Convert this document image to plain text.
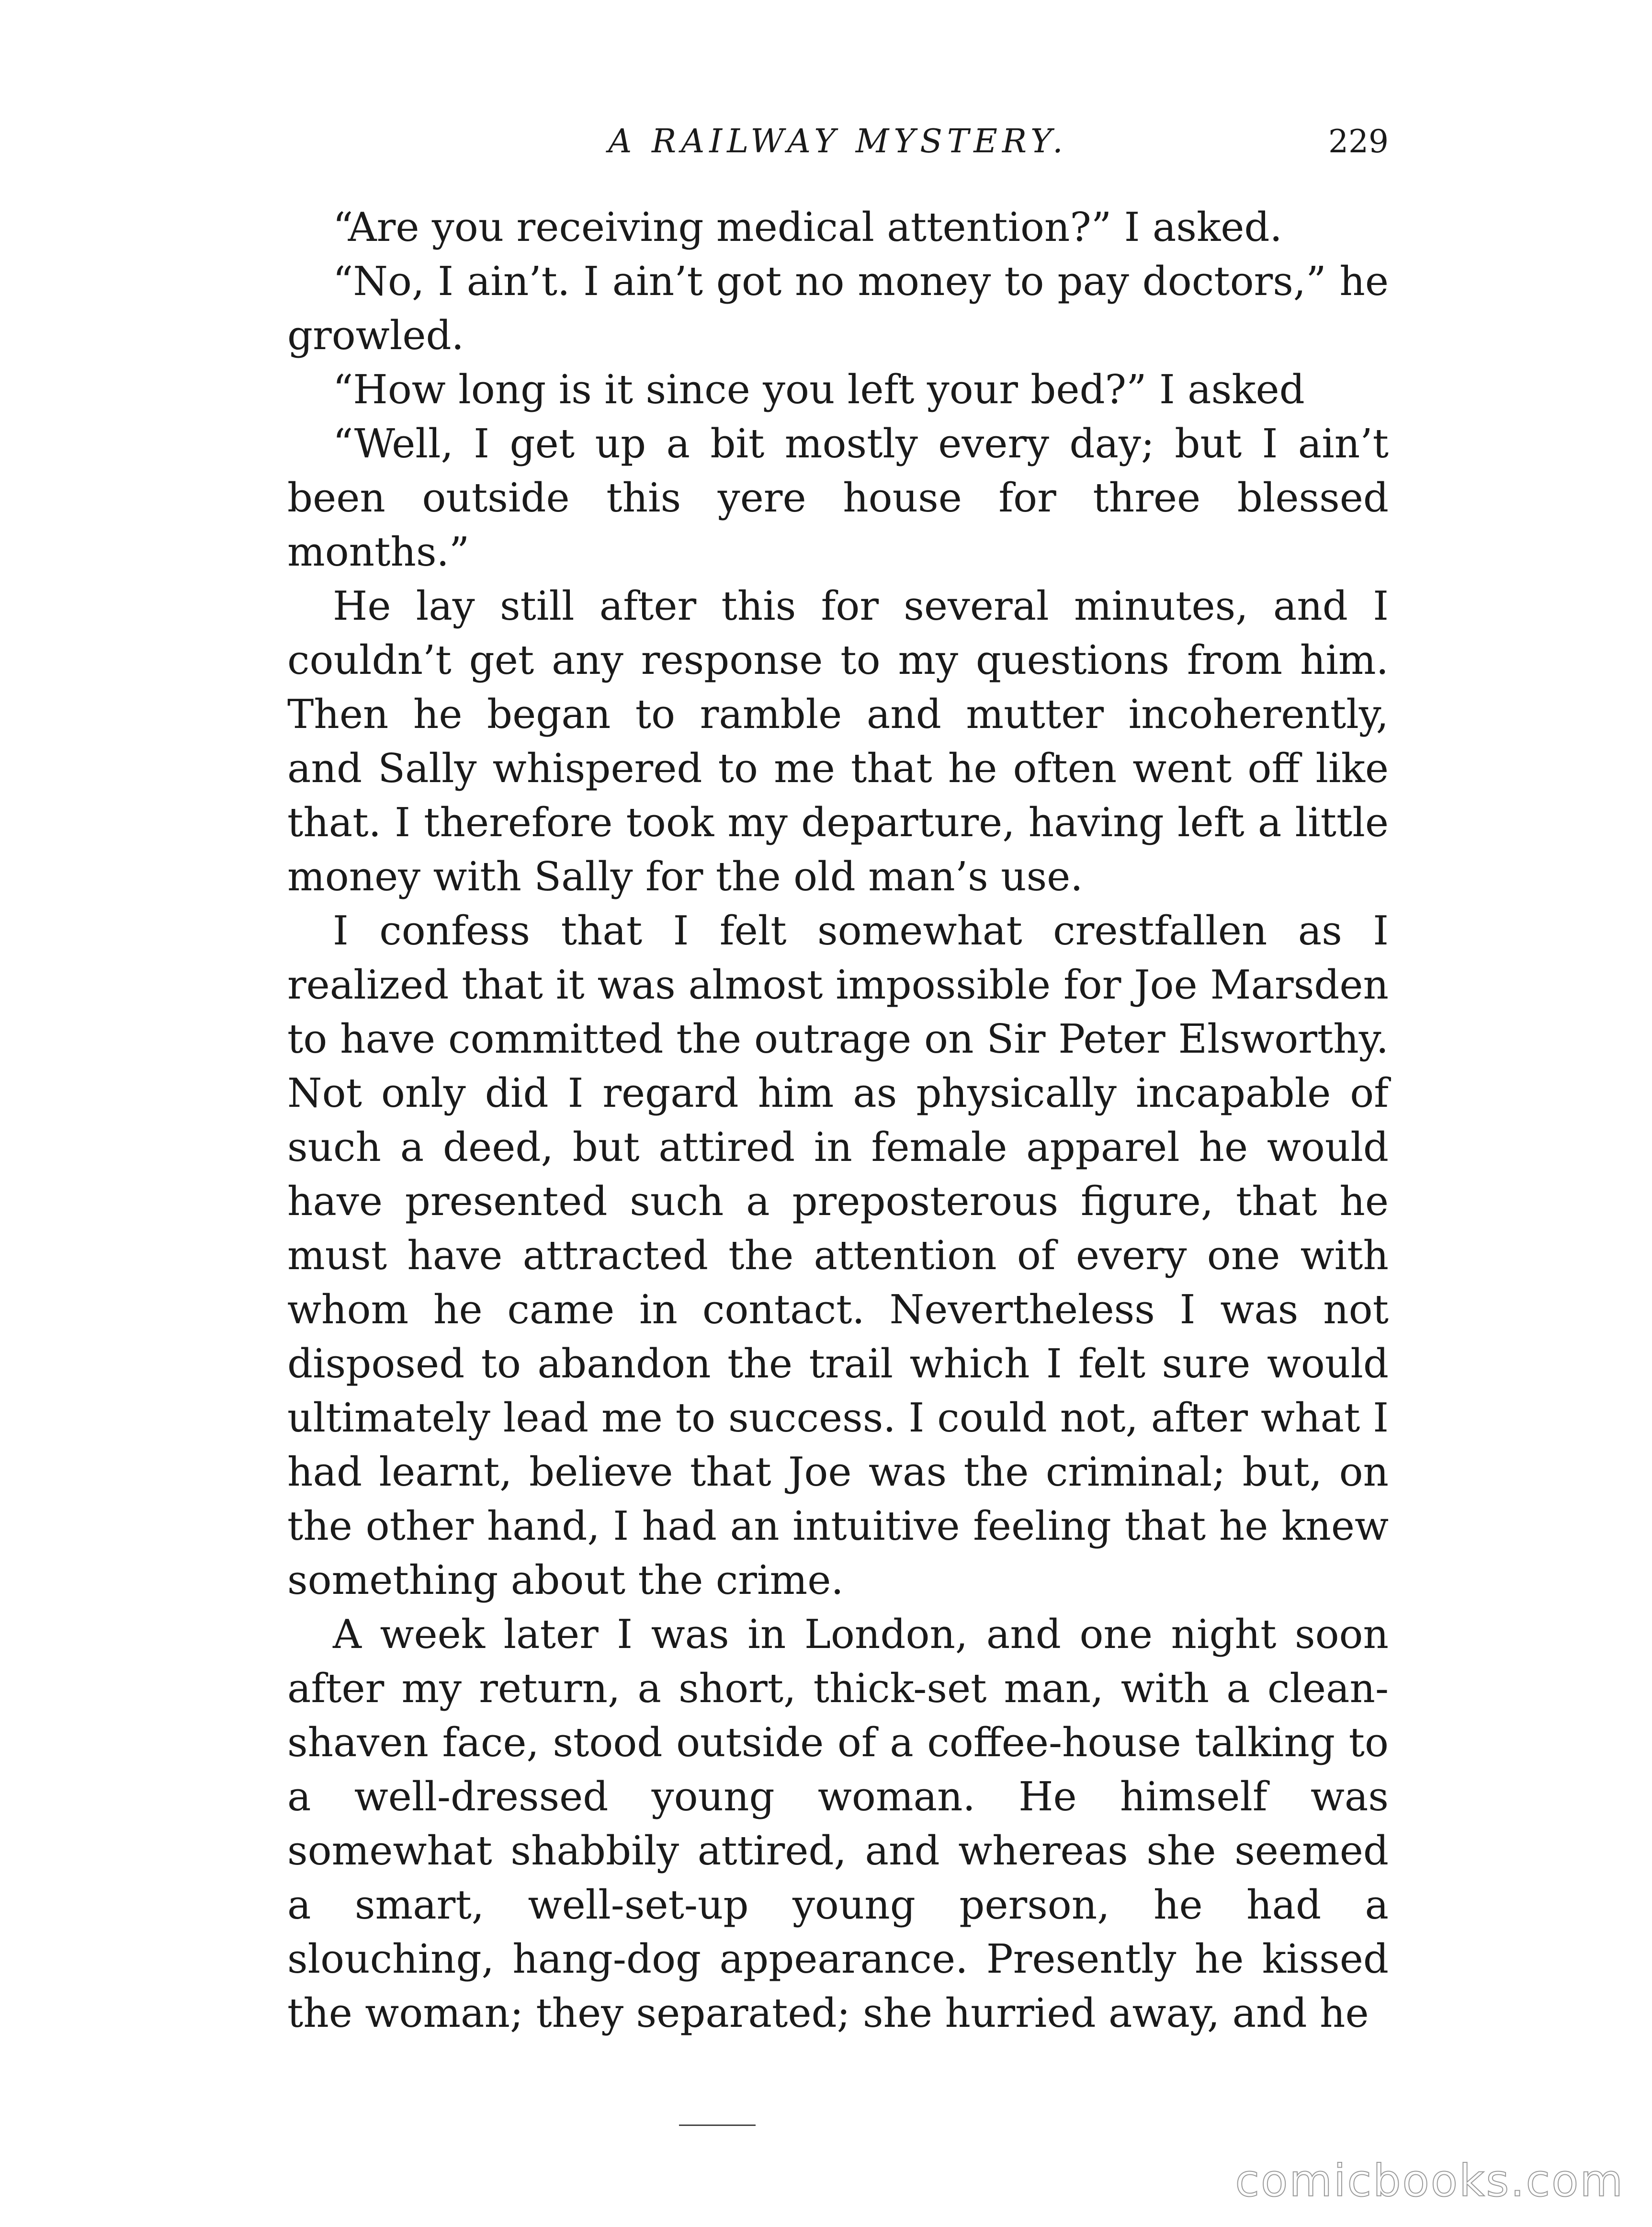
A RAILWAY MYSTERY.	229

“Are you receiving medical attention?” I asked.

“No, I ain’t. I ain’t got no money to pay doctors,” he growled.

“How long is it since you left your bed?” I asked

“Well, I get up a bit mostly every day; but I ain’t been outside this yere house for three blessed months.”

He lay still after this for several minutes, and I couldn’t get any response to my questions from him. Then he began to ramble and mutter incoherently, and Sally whispered to me that he often went off like that. I therefore took my departure, having left a little money with Sally for the old man’s use.

I confess that I felt somewhat crestfallen as I realized that it was almost impossible for Joe Marsden to have committed the outrage on Sir Peter Elsworthy. Not only did I regard him as physically incapable of such a deed, but attired in female apparel he would have presented such a preposterous figure, that he must have attracted the attention of every one with whom he came in contact. Nevertheless I was not disposed to abandon the trail which I felt sure would ultimately lead me to success. I could not, after what I had learnt, believe that Joe was the criminal; but, on the other hand, I had an intuitive feeling that he knew something about the crime.

A week later I was in London, and one night soon after my return, a short, thick-set man, with a clean-shaven face, stood outside of a coffee-house talking to a well-dressed young woman. He himself was somewhat shabbily attired, and whereas she seemed a smart, well-set-up young person, he had a slouching, hang-dog appearance. Presently he kissed the woman; they separated; she hurried away, and he

comicbooks.com
